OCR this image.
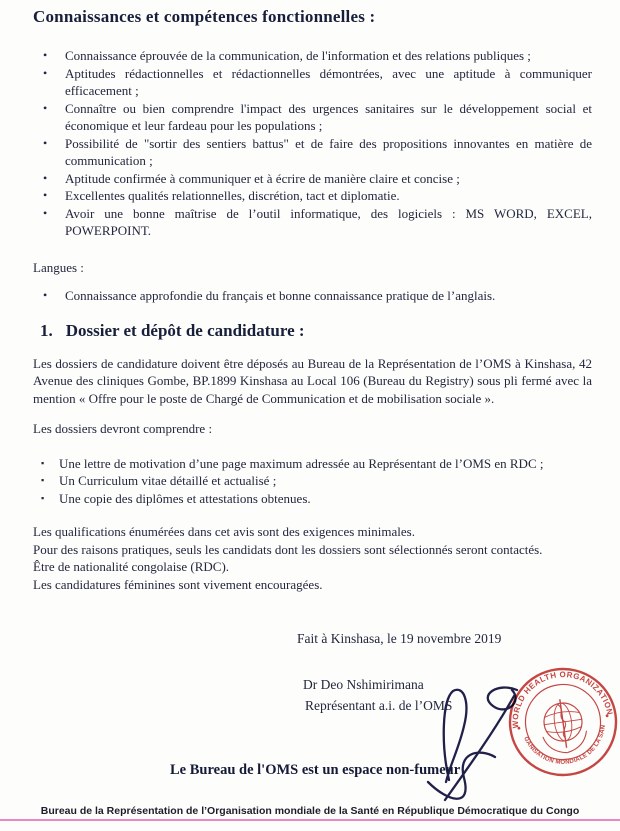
Connaissances et compétences fonctionnelles :
•	Connaissance éprouvée de la communication, de l'information et des relations publiques ;
•	Aptitudes rédactionnelles et rédactionnelles démontrées, avec une aptitude à communiquer efficacement ;
•	Connaître ou bien comprendre l'impact des urgences sanitaires sur le développement social et économique et leur fardeau pour les populations ;
•	Possibilité de "sortir des sentiers battus" et de faire des propositions innovantes en matière de communication ;
•	Aptitude confirmée à communiquer et à écrire de manière claire et concise ;
•	Excellentes qualités relationnelles, discrétion, tact et diplomatie.
•	Avoir une bonne maîtrise de l’outil informatique, des logiciels : MS WORD, EXCEL, POWERPOINT.

Langues :

•	Connaissance approfondie du français et bonne connaissance pratique de l’anglais.
1. Dossier et dépôt de candidature :

Les dossiers de candidature doivent être déposés au Bureau de la Représentation de l’OMS à Kinshasa, 42 Avenue des cliniques Gombe, BP.1899 Kinshasa au Local 106 (Bureau du Registry) sous pli fermé avec la mention « Offre pour le poste de Chargé de Communication et de mobilisation sociale ».

Les dossiers devront comprendre :

▪	Une lettre de motivation d’une page maximum adressée au Représentant de l’OMS en RDC ;
▪	Un Curriculum vitae détaillé et actualisé ;
▪	Une copie des diplômes et attestations obtenues.
Les qualifications énumérées dans cet avis sont des exigences minimales.
Pour des raisons pratiques, seuls les candidats dont les dossiers sont sélectionnés seront contactés.
Être de nationalité congolaise (RDC).
Les candidatures féminines sont vivement encouragées.
Fait à Kinshasa, le 19 novembre 2019
Dr Deo Nshimirimana
Représentant a.i. de l’OMS
WORLD HEALTH ORGANIZATION
ORGANISATION MONDIALE DE LA SANTÉ
Le Bureau de l'OMS est un espace non-fumeur
Bureau de la Représentation de l’Organisation mondiale de la Santé en République Démocratique du Congo
